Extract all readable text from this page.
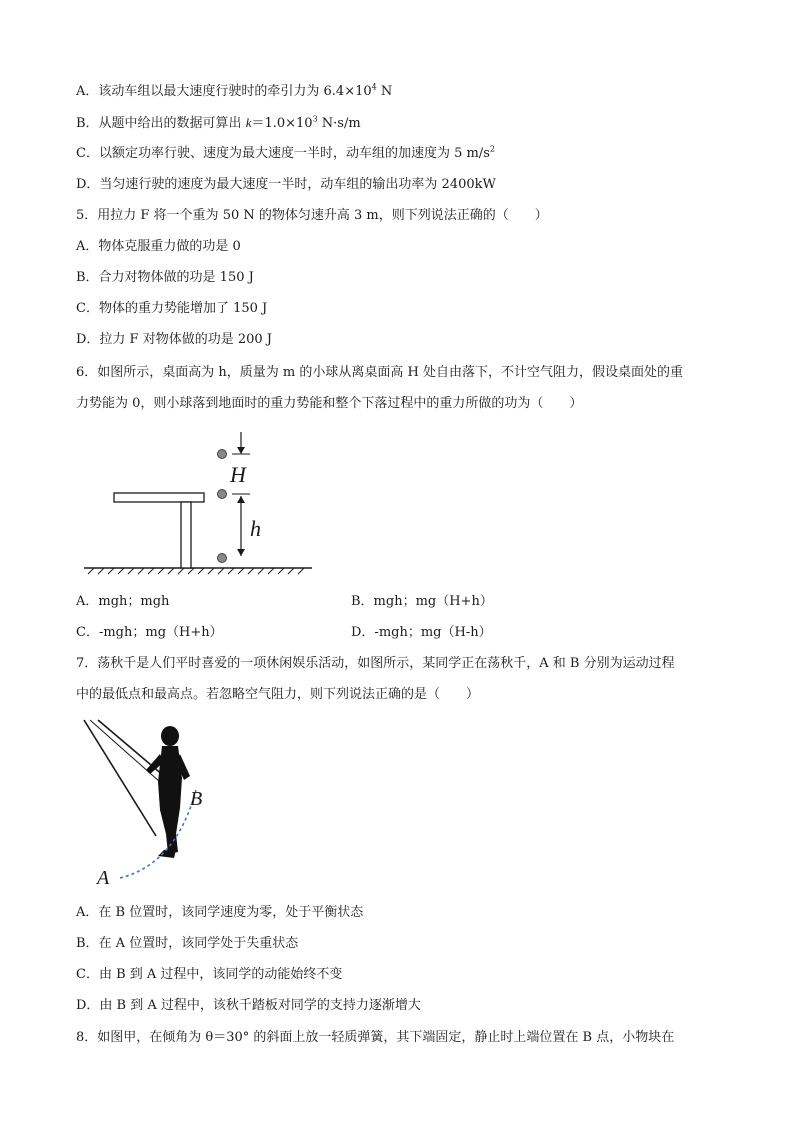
A．该动车组以最大速度行驶时的牵引力为 $6.4\times 10^4$ N
B．从题中给出的数据可算出 $k=1.0\times 10^3$ N·s/m
C．以额定功率行驶、速度为最大速度一半时，动车组的加速度为 5 $m/s^2$
D．当匀速行驶的速度为最大速度一半时，动车组的输出功率为 2400kW
5．用拉力 F 将一个重为 50 N 的物体匀速升高 3 m，则下列说法正确的（　　）
A．物体克服重力做的功是 0
B．合力对物体做的功是 150 J
C．物体的重力势能增加了 150 J
D．拉力 F 对物体做的功是 200 J
6．如图所示，桌面高为 h，质量为 m 的小球从离桌面高 H 处自由落下，不计空气阻力，假设桌面处的重
力势能为 0，则小球落到地面时的重力势能和整个下落过程中的重力所做的功为（　　）
H
h
A．mgh；mgh	B．mgh；mg（H+h）
C．-mgh；mg（H+h）	D．-mgh；mg（H-h）
7．荡秋千是人们平时喜爱的一项休闲娱乐活动，如图所示，某同学正在荡秋千，A 和 B 分别为运动过程
中的最低点和最高点。若忽略空气阻力，则下列说法正确的是（　　）
B
A
A．在 B 位置时，该同学速度为零，处于平衡状态
B．在 A 位置时，该同学处于失重状态
C．由 B 到 A 过程中，该同学的动能始终不变
D．由 B 到 A 过程中，该秋千踏板对同学的支持力逐渐增大
8．如图甲，在倾角为 θ＝30° 的斜面上放一轻质弹簧，其下端固定，静止时上端位置在 B 点，小物块在
